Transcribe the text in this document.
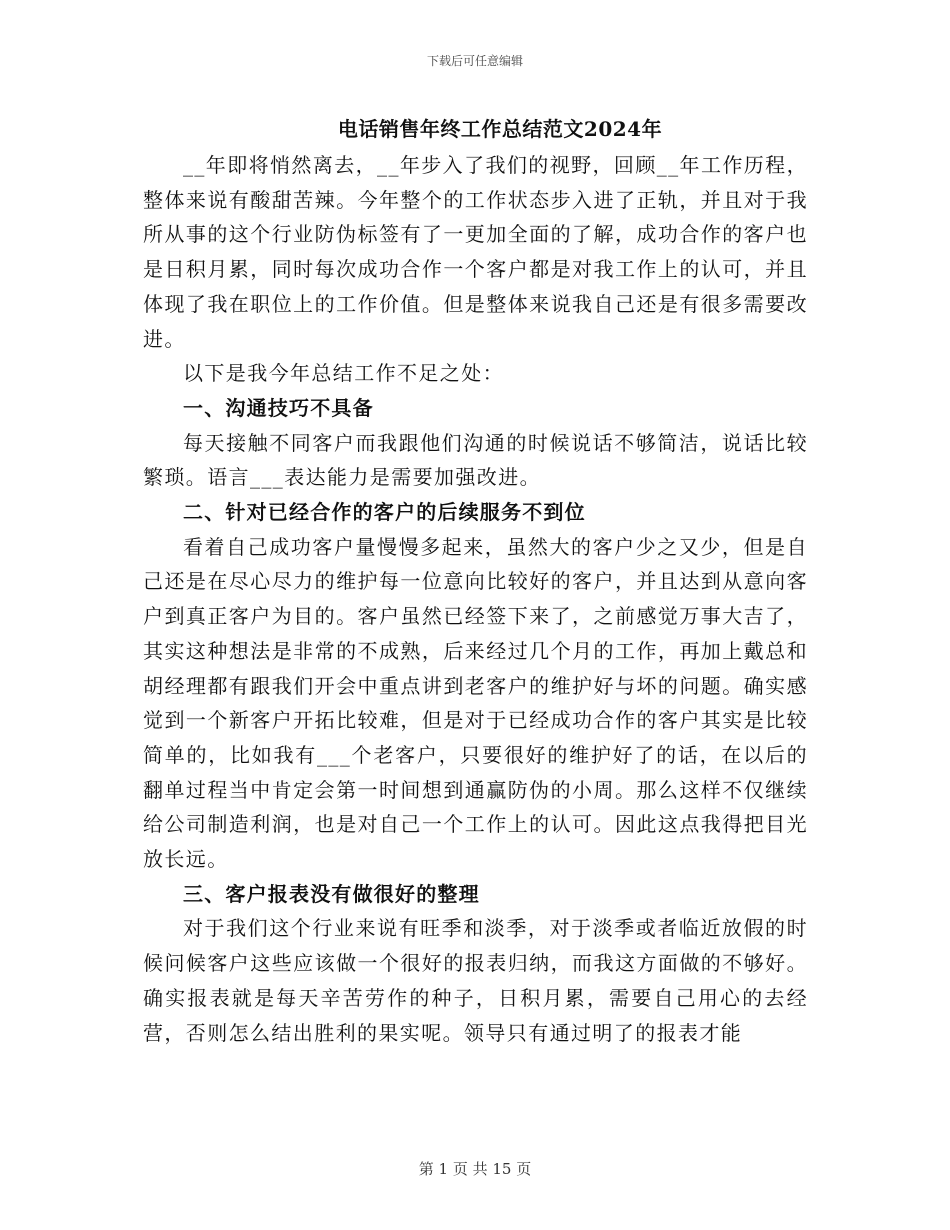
下载后可任意编辑
电话销售年终工作总结范文2024年

__年即将悄然离去，__年步入了我们的视野，回顾__年工作历程，整体来说有酸甜苦辣。今年整个的工作状态步入进了正轨，并且对于我所从事的这个行业防伪标签有了一更加全面的了解，成功合作的客户也是日积月累，同时每次成功合作一个客户都是对我工作上的认可，并且体现了我在职位上的工作价值。但是整体来说我自己还是有很多需要改进。

以下是我今年总结工作不足之处：

一、沟通技巧不具备

每天接触不同客户而我跟他们沟通的时候说话不够简洁，说话比较繁琐。语言___表达能力是需要加强改进。

二、针对已经合作的客户的后续服务不到位

看着自己成功客户量慢慢多起来，虽然大的客户少之又少，但是自己还是在尽心尽力的维护每一位意向比较好的客户，并且达到从意向客户到真正客户为目的。客户虽然已经签下来了，之前感觉万事大吉了，其实这种想法是非常的不成熟，后来经过几个月的工作，再加上戴总和胡经理都有跟我们开会中重点讲到老客户的维护好与坏的问题。确实感觉到一个新客户开拓比较难，但是对于已经成功合作的客户其实是比较简单的，比如我有___个老客户，只要很好的维护好了的话，在以后的翻单过程当中肯定会第一时间想到通赢防伪的小周。那么这样不仅继续给公司制造利润，也是对自己一个工作上的认可。因此这点我得把目光放长远。

三、客户报表没有做很好的整理

对于我们这个行业来说有旺季和淡季，对于淡季或者临近放假的时候问候客户这些应该做一个很好的报表归纳，而我这方面做的不够好。确实报表就是每天辛苦劳作的种子，日积月累，需要自己用心的去经营，否则怎么结出胜利的果实呢。领导只有通过明了的报表才能

第 1 页 共 15 页
